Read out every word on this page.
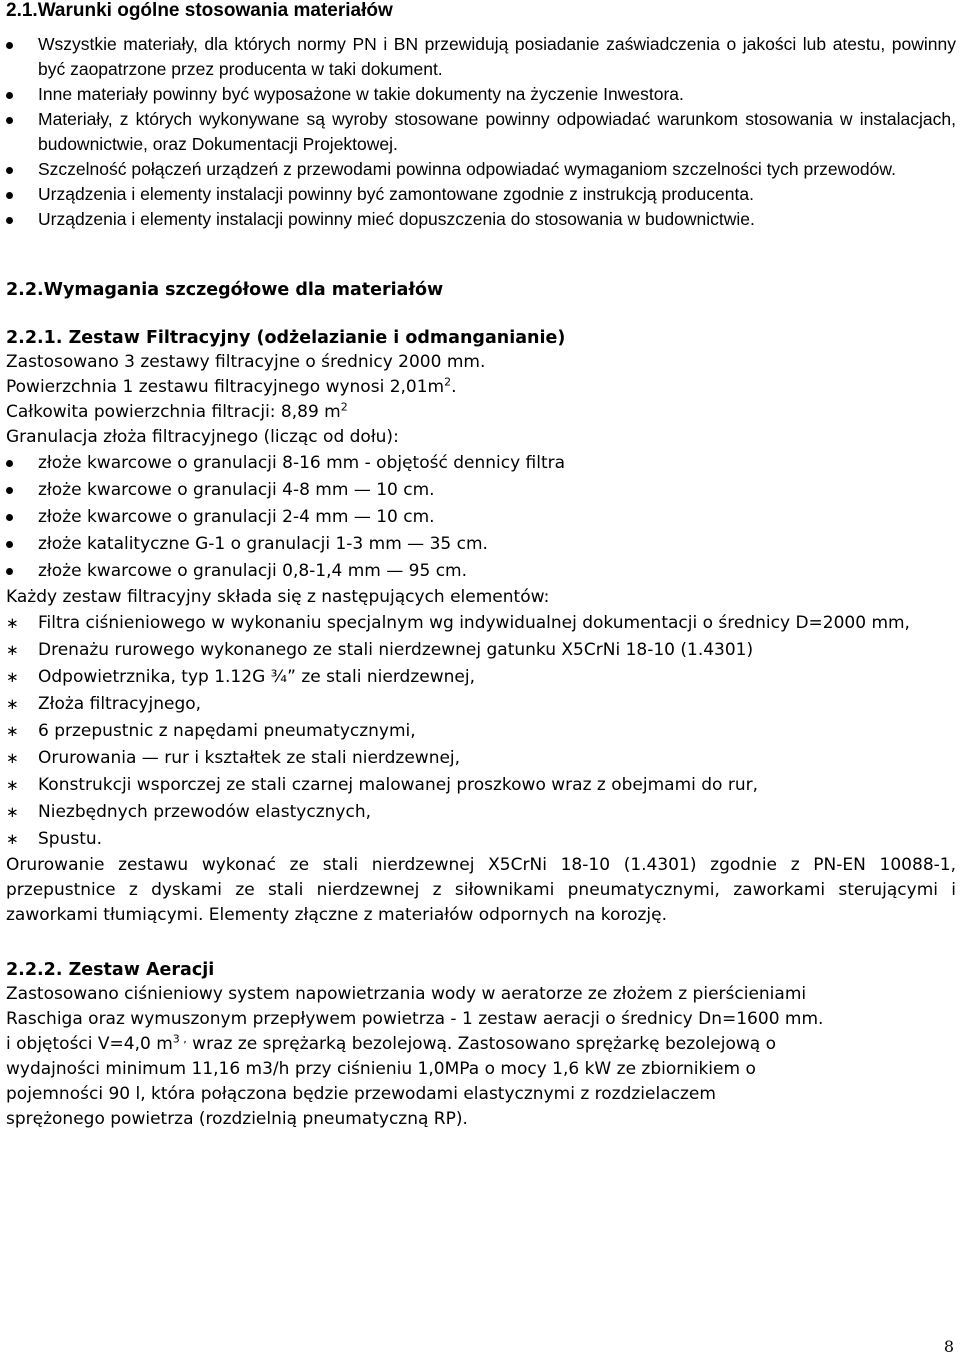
2.1.Warunki ogólne stosowania materiałów
Wszystkie materiały, dla których normy PN i BN przewidują posiadanie zaświadczenia o jakości lub atestu, powinny być zaopatrzone przez producenta w taki dokument.
Inne materiały powinny być wyposażone w takie dokumenty na życzenie Inwestora.
Materiały, z których wykonywane są wyroby stosowane powinny odpowiadać warunkom stosowania w instalacjach, budownictwie, oraz Dokumentacji Projektowej.
Szczelność połączeń urządzeń z przewodami powinna odpowiadać wymaganiom szczelności tych przewodów.
Urządzenia i elementy instalacji powinny być zamontowane zgodnie z instrukcją producenta.
Urządzenia i elementy instalacji powinny mieć dopuszczenia do stosowania w budownictwie.
2.2.Wymagania szczegółowe dla materiałów
2.2.1. Zestaw Filtracyjny (odżelazianie i odmanganianie)

Zastosowano 3 zestawy filtracyjne o średnicy 2000 mm.

Powierzchnia 1 zestawu filtracyjnego wynosi $2,01m^2$.

Całkowita powierzchnia filtracji: 8,89 $m^2$

Granulacja złoża filtracyjnego (licząc od dołu):

złoże kwarcowe o granulacji 8-16 mm - objętość dennicy filtra
złoże kwarcowe o granulacji 4-8 mm — 10 cm.
złoże kwarcowe o granulacji 2-4 mm — 10 cm.
złoże katalityczne G-1 o granulacji 1-3 mm — 35 cm.
złoże kwarcowe o granulacji 0,8-1,4 mm — 95 cm.

Każdy zestaw filtracyjny składa się z następujących elementów:

∗ Filtra ciśnieniowego w wykonaniu specjalnym wg indywidualnej dokumentacji o średnicy D=2000 mm,
∗ Drenażu rurowego wykonanego ze stali nierdzewnej gatunku X5CrNi 18-10 (1.4301)
∗ Odpowietrznika, typ 1.12G ¾” ze stali nierdzewnej,
∗ Złoża filtracyjnego,
∗ 6 przepustnic z napędami pneumatycznymi,
∗ Orurowania — rur i kształtek ze stali nierdzewnej,
∗ Konstrukcji wsporczej ze stali czarnej malowanej proszkowo wraz z obejmami do rur,
∗ Niezbędnych przewodów elastycznych,
∗ Spustu.

Orurowanie zestawu wykonać ze stali nierdzewnej X5CrNi 18-10 (1.4301) zgodnie z PN-EN 10088-1, przepustnice z dyskami ze stali nierdzewnej z siłownikami pneumatycznymi, zaworkami sterującymi i zaworkami tłumiącymi. Elementy złączne z materiałów odpornych na korozję.

2.2.2. Zestaw Aeracji

Zastosowano ciśnieniowy system napowietrzania wody w aeratorze ze złożem z pierścieniami

Raschiga oraz wymuszonym przepływem powietrza - 1 zestaw aeracji o średnicy Dn=1600 mm.

i objętości V=4,0 $m^{3 ,}$ wraz ze sprężarką bezolejową. Zastosowano sprężarkę bezolejową o

wydajności minimum 11,16 m3/h przy ciśnieniu 1,0MPa o mocy 1,6 kW ze zbiornikiem o

pojemności 90 l, która połączona będzie przewodami elastycznymi z rozdzielaczem

sprężonego powietrza (rozdzielnią pneumatyczną RP).

8
